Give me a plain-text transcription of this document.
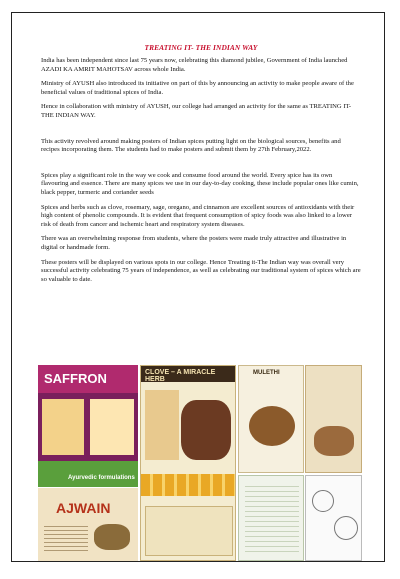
TREATING IT- THE INDIAN WAY

India has been independent since last 75 years now, celebrating this diamond jubilee, Government of India launched AZADI KA AMRIT MAHOTSAV across whole India.

Ministry of AYUSH also introduced its initiative on part of this by announcing an activity to make people aware of the beneficial values of traditional spices of India.

Hence in collaboration with ministry of AYUSH, our college had arranged an activity for the same as TREATING IT-THE INDIAN WAY.

This activity revolved around making posters of Indian spices putting light on the biological sources, benefits and recipes incorporating them. The students had to make posters and submit them by 27th February,2022.

Spices play a significant role in the way we cook and consume food around the world. Every spice has its own flavouring and essence. There are many spices we use in our day-to-day cooking, these include popular ones like cumin, black pepper, turmeric and coriander seeds

Spices and herbs such as clove, rosemary, sage, oregano, and cinnamon are excellent sources of antioxidants with their high content of phenolic compounds. It is evident that frequent consumption of spicy foods was also linked to a lower risk of death from cancer and ischemic heart and respiratory system diseases.

There was an overwhelming response from students, where the posters were made truly attractive and illustrative in digital or handmade form.

These posters will be displayed on various spots in our college. Hence Treating it-The Indian way was overall very successful activity celebrating 75 years of independence, as well as celebrating our traditional system of spices which are so valuable to date.

SAFFRON
Ayurvedic formulations
AJWAIN
CLOVE – A MIRACLE HERB
MULETHI
